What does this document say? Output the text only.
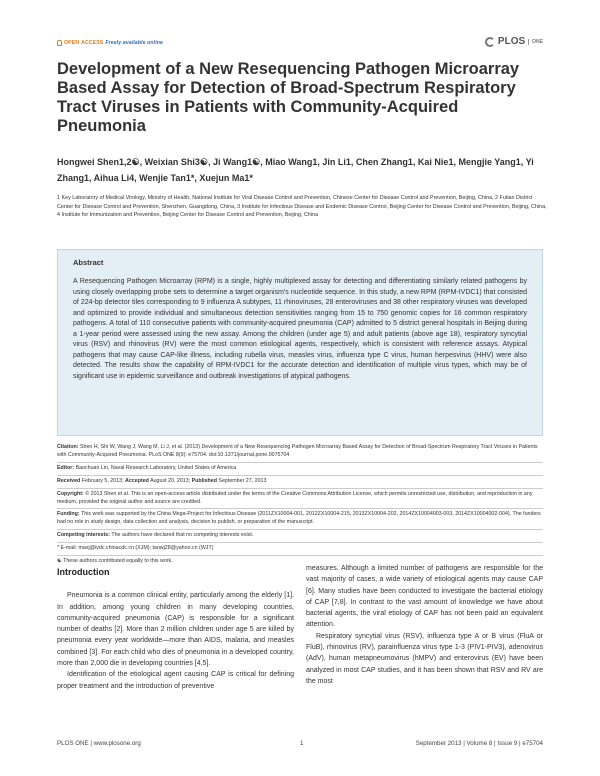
OPEN ACCESS Freely available online	PLOS	ONE
Development of a New Resequencing Pathogen Microarray Based Assay for Detection of Broad-Spectrum Respiratory Tract Viruses in Patients with Community-Acquired Pneumonia
Hongwei Shen1,2☯, Weixian Shi3☯, Ji Wang1☯, Miao Wang1, Jin Li1, Chen Zhang1, Kai Nie1, Mengjie Yang1, Yi Zhang1, Aihua Li4, Wenjie Tan1*, Xuejun Ma1*
1 Key Laboratory of Medical Virology, Ministry of Health, National Institute for Viral Disease Control and Prevention, Chinese Center for Disease Control and Prevention, Beijing, China, 2 Futian District Center for Disease Control and Prevention, Shenzhen, Guangdong, China, 3 Institute for Infectious Disease and Endemic Disease Control, Beijing Center for Disease Control and Prevention, Beijing, China, 4 Institute for Immunization and Prevention, Beijing Center for Disease Control and Prevention, Beijing, China
Abstract

A Resequencing Pathogen Microarray (RPM) is a single, highly multiplexed assay for detecting and differentiating similarly related pathogens by using closely overlapping probe sets to determine a target organism's nucleotide sequence. In this study, a new RPM (RPM-IVDC1) that consisted of 224-bp detector tiles corresponding to 9 influenza A subtypes, 11 rhinoviruses, 28 enteroviruses and 38 other respiratory viruses was developed and optimized to provide individual and simultaneous detection sensitivities ranging from 15 to 750 genomic copies for 16 common respiratory pathogens. A total of 110 consecutive patients with community-acquired pneumonia (CAP) admitted to 5 district general hospitals in Beijing during a 1-year period were assessed using the new assay. Among the children (under age 5) and adult patients (above age 18), respiratory syncytial virus (RSV) and rhinovirus (RV) were the most common etiological agents, respectively, which is consistent with reference assays. Atypical pathogens that may cause CAP-like illness, including rubella virus, measles virus, influenza type C virus, human herpesvirus (HHV) were also detected. The results show the capability of RPM-IVDC1 for the accurate detection and identification of multiple virus types, which may be of significant use in epidemic surveillance and outbreak investigations of atypical pathogens.

Citation: Shen H, Shi W, Wang J, Wang M, Li J, et al. (2013) Development of a New Resequencing Pathogen Microarray Based Assay for Detection of Broad-Spectrum Respiratory Tract Viruses in Patients with Community-Acquired Pneumonia. PLoS ONE 8(9): e75704. doi:10.1371/journal.pone.0075704
Editor: Baochuan Lin, Naval Research Laboratory, United States of America
Received February 5, 2013; Accepted August 20, 2013; Published September 27, 2013
Copyright: © 2013 Shen et al. This is an open-access article distributed under the terms of the Creative Commons Attribution License, which permits unrestricted use, distribution, and reproduction in any medium, provided the original author and source are credited.
Funding: This work was supported by the China Mega-Project for Infectious Disease (2011ZX10004-001, 2012ZX10004-215, 2013ZX10004-202, 2014ZX10004003-003, 2014ZX10004002-004). The funders had no role in study design, data collection and analysis, decision to publish, or preparation of the manuscript.
Competing interests: The authors have declared that no competing interests exist.
* E-mail: maxj@ivdc.chinacdc.cn (XJM); tanwj28@yahoo.cn (WJT)
☯ These authors contributed equally to this work.
Introduction

Pneumonia is a common clinical entity, particularly among the elderly [1]. In addition, among young children in many developing countries, community-acquired pneumonia (CAP) is responsible for a significant number of deaths [2]. More than 2 million children under age 5 are killed by pneumonia every year worldwide—more than AIDS, malaria, and measles combined [3]. For each child who dies of pneumonia in a developed country, more than 2,000 die in developing countries [4,5].

Identification of the etiological agent causing CAP is critical for defining proper treatment and the introduction of preventive

measures. Although a limited number of pathogens are responsible for the vast majority of cases, a wide variety of etiological agents may cause CAP [6]. Many studies have been conducted to investigate the bacterial etiology of CAP [7,8]. In contrast to the vast amount of knowledge we have about bacterial agents, the viral etiology of CAP has not been paid an equivalent attention.

Respiratory syncytial virus (RSV), influenza type A or B virus (FluA or FluB), rhinovirus (RV), parainfluenza virus type 1-3 (PIV1-PIV3), adenovirus (AdV), human metapneumovirus (hMPV) and enterovirus (EV) have been analyzed in most CAP studies, and it has been shown that RSV and RV are the most

PLOS ONE | www.plosone.org	1	September 2013 | Volume 8 | Issue 9 | e75704
